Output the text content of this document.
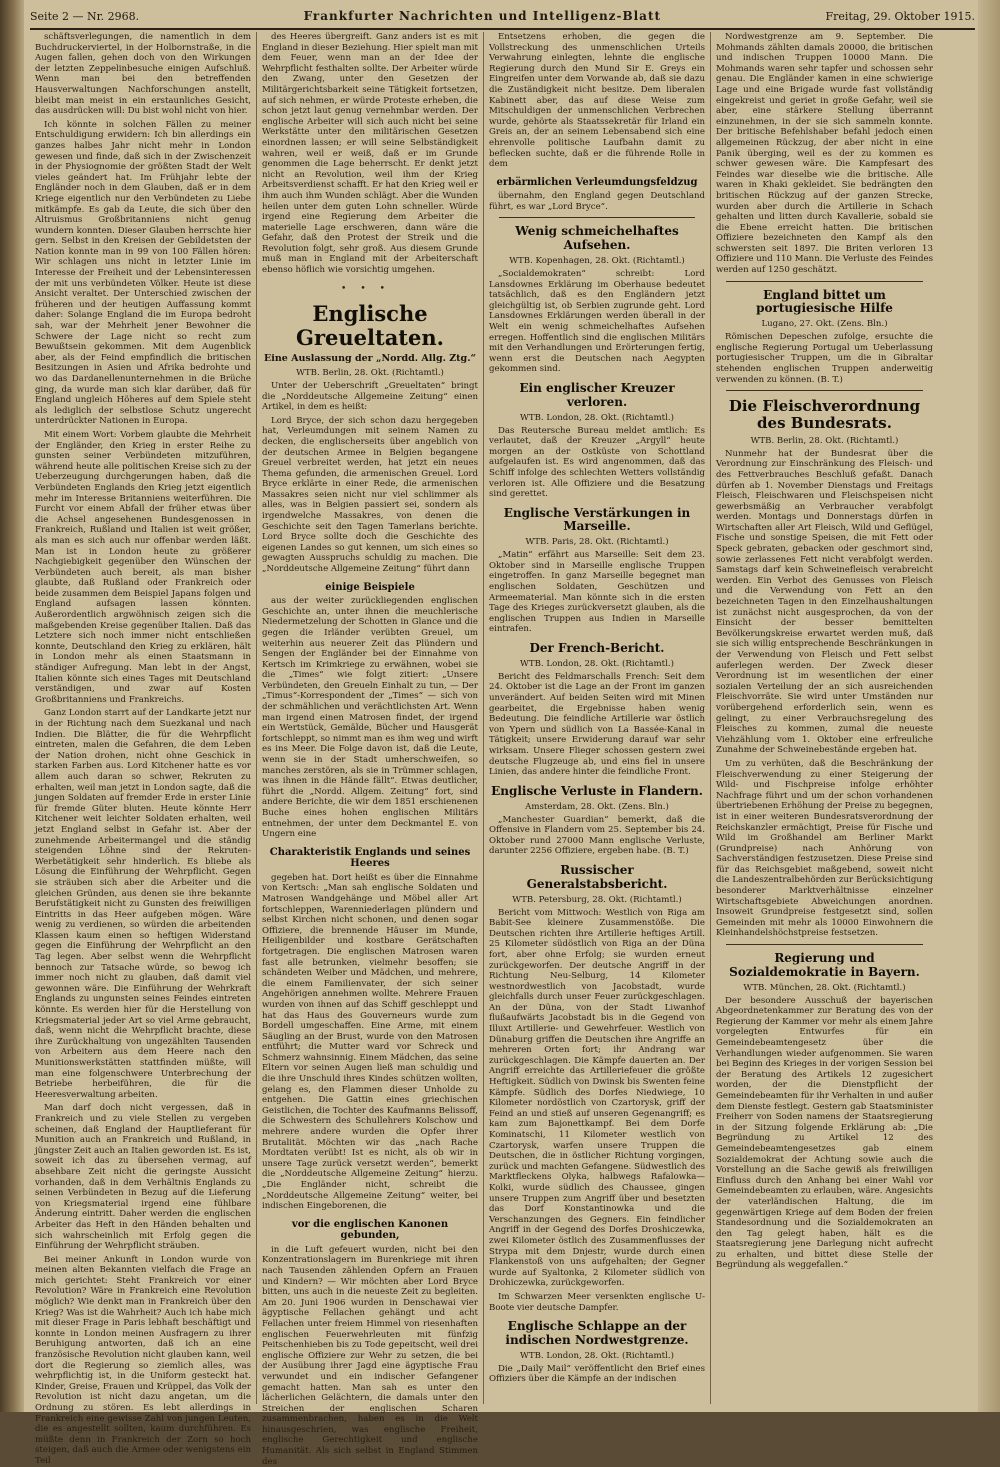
Seite 2 — Nr. 2968.	Frankfurter Nachrichten und Intelligenz-Blatt	Freitag, 29. Oktober 1915.

schäftsverlegungen, die namentlich in dem Buchdruckerviertel, in der Holbornstraße, in die Augen fallen, gehen doch von den Wirkungen der letzten Zeppelinbesuche einigen Aufschluß. Wenn man bei den betreffenden Hausverwaltungen Nachforschungen anstellt, bleibt man meist in ein erstaunliches Gesicht, das ausdrücken will: Du bist wohl nicht von hier.

Ich könnte in solchen Fällen zu meiner Entschuldigung erwidern: Ich bin allerdings ein ganzes halbes Jahr nicht mehr in London gewesen und finde, daß sich in der Zwischenzeit in der Physiognomie der größten Stadt der Welt vieles geändert hat. Im Frühjahr lebte der Engländer noch in dem Glauben, daß er in dem Kriege eigentlich nur den Verbündeten zu Liebe mitkämpfe. Es gab da Leute, die sich über den Altruismus Großbritanniens nicht genug wundern konnten. Dieser Glauben herrschte hier gern. Selbst in den Kreisen der Gebildetsten der Nation konnte man in 99 von 100 Fällen hören: Wir schlagen uns nicht in letzter Linie im Interesse der Freiheit und der Lebensinteressen der mit uns verbündeten Völker. Heute ist diese Ansicht veraltet. Der Unterschied zwischen der früheren und der heutigen Auffassung kommt daher: Solange England die im Europa bedroht sah, war der Mehrheit jener Bewohner die Schwere der Lage nicht so recht zum Bewußtsein gekommen. Mit dem Augenblick aber, als der Feind empfindlich die britischen Besitzungen in Asien und Afrika bedrohte und wo das Dardanellenunternehmen in die Brüche ging, da wurde man sich klar darüber, daß für England ungleich Höheres auf dem Spiele steht als lediglich der selbstlose Schutz ungerecht unterdrückter Nationen in Europa.

Mit einem Wort: Vorbem glaubte die Mehrheit der Engländer, den Krieg in erster Reihe zu gunsten seiner Verbündeten mitzuführen, während heute alle politischen Kreise sich zu der Ueberzeugung durchgerungen haben, daß die Verbündeten Englands den Krieg jetzt eigentlich mehr im Interesse Britanniens weiterführen. Die Furcht vor einem Abfall der früher etwas über die Achsel angesehenen Bundesgenossen in Frankreich, Rußland und Italien ist weit größer, als man es sich auch nur offenbar werden läßt. Man ist in London heute zu größerer Nachgiebigkeit gegenüber den Wünschen der Verbündeten auch bereit, als man bisher glaubte, daß Rußland oder Frankreich oder beide zusammen dem Beispiel Japans folgen und England aufsagen lassen könnten. Außerordentlich argwöhnisch zeigen sich die maßgebenden Kreise gegenüber Italien. Daß das Letztere sich noch immer nicht entschließen konnte, Deutschland den Krieg zu erklären, hält in London mehr als einen Staatsmann in ständiger Aufregung. Man lebt in der Angst, Italien könnte sich eines Tages mit Deutschland verständigen, und zwar auf Kosten Großbritanniens und Frankreichs.

Ganz London starrt auf der Landkarte jetzt nur in der Richtung nach dem Suezkanal und nach Indien. Die Blätter, die für die Wehrpflicht eintreten, malen die Gefahren, die dem Leben der Nation drohen, nicht ohne Geschick in starken Farben aus. Lord Kitchener hatte es vor allem auch daran so schwer, Rekruten zu erhalten, weil man jetzt in London sagte, daß die jungen Soldaten auf fremder Erde in erster Linie für fremde Güter bluten. Heute könnte Herr Kitchener weit leichter Soldaten erhalten, weil jetzt England selbst in Gefahr ist. Aber der zunehmende Arbeitermangel und die ständig steigenden Löhne sind der Rekruten-Werbetätigkeit sehr hinderlich. Es bliebe als Lösung die Einführung der Wehrpflicht. Gegen sie sträuben sich aber die Arbeiter und die gleichen Gründen, aus denen sie ihre bekannte Berufstätigkeit nicht zu Gunsten des freiwilligen Eintritts in das Heer aufgeben mögen. Wäre wenig zu verdienen, so würden die arbeitenden Klassen kaum einen so heftigen Widerstand gegen die Einführung der Wehrpflicht an den Tag legen. Aber selbst wenn die Wehrpflicht bennoch zur Tatsache würde, so bewog ich immer noch nicht zu glauben, daß damit viel gewonnen wäre. Die Einführung der Wehrkraft Englands zu ungunsten seines Feindes eintreten könnte. Es werden hier für die Herstellung von Kriegsmaterial jeder Art so viel Arme gebraucht, daß, wenn nicht die Wehrpflicht brachte, diese ihre Zurückhaltung von ungezählten Tausenden von Arbeitern aus dem Heere nach den Munitionswerkstätten stattfinden müßte, will man eine folgenschwere Unterbrechung der Betriebe herbeiführen, die für die Heeresverwaltung arbeiten.

Man darf doch nicht vergessen, daß in Frankreich und zu viele Stellen zu vergeben scheinen, daß England der Hauptlieferant für Munition auch an Frankreich und Rußland, in jüngster Zeit auch an Italien geworden ist. Es ist, soweit ich das zu übersehen vermag, auf absehbare Zeit nicht die geringste Aussicht vorhanden, daß in dem Verhältnis Englands zu seinen Verbündeten in Bezug auf die Lieferung von Kriegsmaterial irgend eine fühlbare Änderung eintritt. Daher werden die englischen Arbeiter das Heft in den Händen behalten und sich wahrscheinlich mit Erfolg gegen die Einführung der Wehrpflicht sträuben.

Bei meiner Ankunft in London wurde von meinen alten Bekannten vielfach die Frage an mich gerichtet: Steht Frankreich vor einer Revolution? Wäre in Frankreich eine Revolution möglich? Wie denkt man in Frankreich über den Krieg? Was ist die Wahrheit? Auch ich habe mich mit dieser Frage in Paris lebhaft beschäftigt und konnte in London meinen Ausfragern zu ihrer Beruhigung antworten, daß ich an eine französische Revolution nicht glauben kann, weil dort die Regierung so ziemlich alles, was wehrpflichtig ist, in die Uniform gesteckt hat. Kinder, Greise, Frauen und Krüppel, das Volk der Revolution ist nicht dazu angetan, um die Ordnung zu stören. Es lebt allerdings in Frankreich eine gewisse Zahl von jungen Leuten, die es angestellt sollten, kaum durchführen. Es müßte denn in Frankreich der Zorn so hoch steigen, daß auch die Armee oder wenigstens ein Teil

des Heeres übergreift. Ganz anders ist es mit England in dieser Beziehung. Hier spielt man mit dem Feuer, wenn man an der Idee der Wehrpflicht festhalten sollte. Der Arbeiter würde den Zwang, unter den Gesetzen der Militärgerichtsbarkeit seine Tätigkeit fortsetzen, auf sich nehmen, er würde Proteste erheben, die schon jetzt laut genug vernehmbar werden. Der englische Arbeiter will sich auch nicht bei seine Werkstätte unter den militärischen Gesetzen einordnen lassen; er will seine Selbständigkeit wahren, weil er weiß, daß er im Grunde genommen die Lage beherrscht. Er denkt jetzt nicht an Revolution, weil ihm der Krieg Arbeitsverdienst schafft. Er hat den Krieg weil er ihm auch ihm Wunden schlägt. Aber die Wunden heilen unter dem guten Lohn schneller. Würde irgend eine Regierung dem Arbeiter die materielle Lage erschweren, dann wäre die Gefahr, daß den Protest der Streik und die Revolution folgt, sehr groß. Aus diesem Grunde muß man in England mit der Arbeiterschaft ebenso höflich wie vorsichtig umgehen.

•••
Englische Greueltaten.
Eine Auslassung der „Nordd. Allg. Ztg.“
WTB. Berlin, 28. Okt. (Richtamtl.)

Unter der Ueberschrift „Greueltaten“ bringt die „Norddeutsche Allgemeine Zeitung“ einen Artikel, in dem es heißt:

Lord Bryce, der sich schon dazu hergegeben hat, Verleumdungen mit seinem Namen zu decken, die englischerseits über angeblich von der deutschen Armee in Belgien begangene Greuel verbreitet werden, hat jetzt ein neues Thema gefunden, die armenischen Greuel. Lord Bryce erklärte in einer Rede, die armenischen Massakres seien nicht nur viel schlimmer als alles, was in Belgien passiert sei, sondern als irgendwelche Massakres, von denen die Geschichte seit den Tagen Tamerlans berichte. Lord Bryce sollte doch die Geschichte des eigenen Landes so gut kennen, um sich eines so gewagten Ausspruchs schuldig zu machen. Die „Norddeutsche Allgemeine Zeitung“ führt dann

einige Beispiele

aus der weiter zurückliegenden englischen Geschichte an, unter ihnen die meuchlerische Niedermetzelung der Schotten in Glance und die gegen die Irländer verübten Greuel, um weiterhin aus neuerer Zeit das Plündern und Sengen der Engländer bei der Einnahme von Kertsch im Krimkriege zu erwähnen, wobei sie die „Times“ wie folgt zitiert: „Unsere Verbündeten, den Greueln Einhalt zu tun, — Der „Timus“-Korrespondent der „Times“ — sich von der schmählichen und verächtlichsten Art. Wenn man irgend einen Matrosen findet, der irgend ein Wertstück, Gemälde, Bücher und Hausgerät fortschleppt, so nimmt man es ihm weg und wirft es ins Meer. Die Folge davon ist, daß die Leute, wenn sie in der Stadt umherschweifen, so manches zerstören, als sie in Trümmer schlagen, was ihnen in die Hände fällt“. Etwas deutlicher, führt die „Nordd. Allgem. Zeitung“ fort, sind andere Berichte, die wir dem 1851 erschienenen Buche eines hohen englischen Militärs entnehmen, der unter dem Deckmantel E. von Ungern eine

Charakteristik Englands und seines Heeres

gegeben hat. Dort heißt es über die Einnahme von Kertsch: „Man sah englische Soldaten und Matrosen Wandgehänge und Möbel aller Art fortschleppen, Warenniederlagen plündern und selbst Kirchen nicht schonen, und denen sogar Offiziere, die brennende Häuser im Munde, Heiligenbilder und kostbare Gerätschaften fortgetragen. Die englischen Matrosen waren fast alle betrunken, vielmehr besoffen; sie schändeten Weiber und Mädchen, und mehrere, die einem Familienvater, der sich seiner Angehörigen annehmen wollte. Mehrere Frauen wurden von ihnen auf das Schiff geschleppt und hat das Haus des Gouverneurs wurde zum Bordell umgeschaffen. Eine Arme, mit einem Säugling an der Brust, wurde von den Matrosen entführt; die Mutter ward vor Schreck und Schmerz wahnsinnig. Einem Mädchen, das seine Eltern vor seinen Augen ließ man schuldig und die ihre Unschuld ihres Kindes schützen wollten, gelang es, den Flammen dieser Unholde zu entgehen. Die Gattin eines griechischen Geistlichen, die Tochter des Kaufmanns Belissoff, die Schwestern des Schullehrers Kolschow und mehrere andere wurden die Opfer ihrer Brutalität. Möchten wir das „nach Rache Mordtaten verübt! Ist es nicht, als ob wir in unsere Tage zurück versetzt werden“, bemerkt die „Norddeutsche Allgemeine Zeitung“ hierzu. „Die Engländer nicht, schreibt die „Norddeutsche Allgemeine Zeitung“ weiter, bei indischen Eingeborenen, die

vor die englischen Kanonen gebunden,

in die Luft gefeuert wurden, nicht bei den Konzentrationslagern im Burenkriege mit ihren nach Tausenden zählenden Opfern an Frauen und Kindern? — Wir möchten aber Lord Bryce bitten, uns auch in die neueste Zeit zu begleiten. Am 20. Juni 1906 wurden in Denschawai vier ägyptische Fellachen gehängt und acht Fellachen unter freiem Himmel von riesenhaften englischen Feuerwehrleuten mit fünfzig Peitschenhieben bis zu Tode gepeitscht, weil drei englische Offiziere zur Wehr zu setzen, die bei der Ausübung ihrer Jagd eine ägyptische Frau verwundet und ein indischer Gefangener gemacht hatten. Man sah es unter den lächerlichen Gelächtern, die damals unter den Streichen der englischen Scharen zusammenbrachen, haben es in die Welt hinausgeschrien, was englische Freiheit, englische Gerechtigkeit und englische Humanität. Als sich selbst in England Stimmen des

Entsetzens erhoben, die gegen die Vollstreckung des unmenschlichen Urteils Verwahrung einlegten, lehnte die englische Regierung durch den Mund Sir E. Greys ein Eingreifen unter dem Vorwande ab, daß sie dazu die Zuständigkeit nicht besitze. Dem liberalen Kabinett aber, das auf diese Weise zum Mitschuldigen der unmenschlichen Verbrechen wurde, gehörte als Staatssekretär für Irland ein Greis an, der an seinem Lebensabend sich eine ehrenvolle politische Laufbahn damit zu beflecken suchte, daß er die führende Rolle in dem

erbärmlichen Verleumdungsfeldzug

übernahm, den England gegen Deutschland führt, es war „Lord Bryce“.

Wenig schmeichelhaftes Aufsehen.
WTB. Kopenhagen, 28. Okt. (Richtamtl.)

„Socialdemokraten“ schreibt: Lord Lansdownes Erklärung im Oberhause bedeutet tatsächlich, daß es den Engländern jetzt gleichgültig ist, ob Serbien zugrunde geht. Lord Lansdownes Erklärungen werden überall in der Welt ein wenig schmeichelhaftes Aufsehen erregen. Hoffentlich sind die englischen Militärs mit den Verhandlungen und Erörterungen fertig, wenn erst die Deutschen nach Aegypten gekommen sind.

Ein englischer Kreuzer verloren.
WTB. London, 28. Okt. (Richtamtl.)

Das Reutersche Bureau meldet amtlich: Es verlautet, daß der Kreuzer „Argyll“ heute morgen an der Ostküste von Schottland aufgelaufen ist. Es wird angenommen, daß das Schiff infolge des schlechten Wetters vollständig verloren ist. Alle Offiziere und die Besatzung sind gerettet.

Englische Verstärkungen in Marseille.
WTB. Paris, 28. Okt. (Richtamtl.)

„Matin“ erfährt aus Marseille: Seit dem 23. Oktober sind in Marseille englische Truppen eingetroffen. In ganz Marseille begegnet man englischen Soldaten, Geschützen und Armeematerial. Man könnte sich in die ersten Tage des Krieges zurückversetzt glauben, als die englischen Truppen aus Indien in Marseille eintrafen.

Der French-Bericht.
WTB. London, 28. Okt. (Richtamtl.)

Bericht des Feldmarschalls French: Seit dem 24. Oktober ist die Lage an der Front im ganzen unverändert. Auf beiden Seiten wird mit Minen gearbeitet, die Ergebnisse haben wenig Bedeutung. Die feindliche Artillerie war östlich von Ypern und südlich von La Bassée-Kanal in Tätigkeit; unsere Erwiderung darauf war sehr wirksam. Unsere Flieger schossen gestern zwei deutsche Flugzeuge ab, und eins fiel in unsere Linien, das andere hinter die feindliche Front.

Englische Verluste in Flandern.
Amsterdam, 28. Okt. (Zens. Bln.)

„Manchester Guardian“ bemerkt, daß die Offensive in Flandern vom 25. September bis 24. Oktober rund 27000 Mann englische Verluste, darunter 2256 Offiziere, ergeben habe. (B. T.)

Russischer Generalstabsbericht.
WTB. Petersburg, 28. Okt. (Richtamtl.)

Bericht vom Mittwoch: Westlich von Riga am Babit-See kleinere Zusammenstöße. Die Deutschen richten ihre Artillerie heftiges Artill. 25 Kilometer südöstlich von Riga an der Düna fort, aber ohne Erfolg; sie wurden erneut zurückgeworfen. Der deutsche Angriff in der Richtung Neu-Selburg, 14 Kilometer westnordwestlich von Jacobstadt, wurde gleichfalls durch unser Feuer zurückgeschlagen. An der Düna, von der Stadt Liwanhof flußaufwärts Jacobstadt bis in die Gegend von Illuxt Artillerie- und Gewehrfeuer. Westlich von Dünaburg griffen die Deutschen ihre Angriffe an mehreren Orten fort; ihr Andrang war zurückgeschlagen. Die Kämpfe dauerten an. Der Angriff erreichte das Artilleriefeuer die größte Heftigkeit. Südlich von Dwinsk bis Swenten feine Kämpfe. Südlich des Dorfes Niedwiege, 10 Kilometer nordöstlich von Czartorysk, griff der Feind an und stieß auf unseren Gegenangriff; es kam zum Bajonettkampf. Bei dem Dorfe Kominatschi, 11 Kilometer westlich von Czartorysk, warfen unsere Truppen die Deutschen, die in östlicher Richtung vorgingen, zurück und machten Gefangene. Südwestlich des Marktfleckens Olyka, halbwegs Rafalowka—Kolki, wurde südlich des Chaussee, gingen unsere Truppen zum Angriff über und besetzten das Dorf Konstantinowka und die Verschanzungen des Gegners. Ein feindlicher Angriff in der Gegend des Dorfes Droshiczewka, zwei Kilometer östlich des Zusammenflusses der Strypa mit dem Dnjestr, wurde durch einen Flankenstoß von uns aufgehalten; der Gegner wurde auf Syaltonka, 2 Kilometer südlich von Drohiczewka, zurückgeworfen.

Im Schwarzen Meer versenkten englische U-Boote vier deutsche Dampfer.

Englische Schlappe an der indischen Nordwestgrenze.
WTB. London, 28. Okt. (Richtamtl.)

Die „Daily Mail“ veröffentlicht den Brief eines Offiziers über die Kämpfe an der indischen

Nordwestgrenze am 9. September. Die Mohmands zählten damals 20000, die britischen und indischen Truppen 10000 Mann. Die Mohmands waren sehr tapfer und schossen sehr genau. Die Engländer kamen in eine schwierige Lage und eine Brigade wurde fast vollständig eingekreist und geriet in große Gefahr, weil sie aber, eine stärkere Stellung überrannt einzunehmen, in der sie sich sammeln konnte. Der britische Befehlshaber befahl jedoch einen allgemeinen Rückzug, der aber nicht in eine Panik überging, weil es der zu kommen es schwer gewesen wäre. Die Kampfesart des Feindes war dieselbe wie die britische. Alle waren in Khaki gekleidet. Sie bedrängten den britischen Rückzug auf der ganzen Strecke, wurden aber durch die Artillerie in Schach gehalten und litten durch Kavallerie, sobald sie die Ebene erreicht hatten. Die britischen Offiziere bezeichneten den Kampf als den schwersten seit 1897. Die Briten verloren 13 Offiziere und 110 Mann. Die Verluste des Feindes werden auf 1250 geschätzt.

England bittet um portugiesische Hilfe
Lugano, 27. Okt. (Zens. Bln.)

Römischen Depeschen zufolge, ersuchte die englische Regierung Portugal um Ueberlassung portugiesischer Truppen, um die in Gibraltar stehenden englischen Truppen anderweitig verwenden zu können. (B. T.)

Die Fleischverordnung des Bundesrats.
WTB. Berlin, 28. Okt. (Richtamtl.)

Nunmehr hat der Bundesrat über die Verordnung zur Einschränkung des Fleisch- und des Fettverbrauches Beschluß gefaßt. Danach dürfen ab 1. November Dienstags und Freitags Fleisch, Fleischwaren und Fleischspeisen nicht gewerbsmäßig an Verbraucher verabfolgt werden. Montags und Donnerstags dürfen in Wirtschaften aller Art Fleisch, Wild und Geflügel, Fische und sonstige Speisen, die mit Fett oder Speck gebraten, gebacken oder geschmort sind, sowie zerlassenes Fett nicht verabfolgt werden. Samstags darf kein Schweinefleisch verabreicht werden. Ein Verbot des Genusses von Fleisch und die Verwendung von Fett an den bezeichneten Tagen in den Einzelhaushaltungen ist zunächst nicht ausgesprochen, da von der Einsicht der besser bemittelten Bevölkerungskreise erwartet werden muß, daß sie sich willig entsprechende Beschränkungen in der Verwendung von Fleisch und Fett selbst auferlegen werden. Der Zweck dieser Verordnung ist im wesentlichen der einer sozialen Verteilung der an sich ausreichenden Fleischvorräte. Sie wird unter Umständen nur vorübergehend erforderlich sein, wenn es gelingt, zu einer Verbrauchsregelung des Fleisches zu kommen, zumal die neueste Viehzählung vom 1. Oktober eine erfreuliche Zunahme der Schweinebestände ergeben hat.

Um zu verhüten, daß die Beschränkung der Fleischverwendung zu einer Steigerung der Wild- und Fischpreise infolge erhöhter Nachfrage führt und um der schon vorhandenen übertriebenen Erhöhung der Preise zu begegnen, ist in einer weiteren Bundesratsverordnung der Reichskanzler ermächtigt, Preise für Fische und Wild im Großhandel am Berliner Markt (Grundpreise) nach Anhörung von Sachverständigen festzusetzen. Diese Preise sind für das Reichsgebiet maßgebend, soweit nicht die Landeszentralbehörden zur Berücksichtigung besonderer Marktverhältnisse einzelner Wirtschaftsgebiete Abweichungen anordnen. Insoweit Grundpreise festgesetzt sind, sollen Gemeinden mit mehr als 10000 Einwohnern die Kleinhandelshöchstpreise festsetzen.

Regierung und Sozialdemokratie in Bayern.
WTB. München, 28. Okt. (Richtamtl.)

Der besondere Ausschuß der bayerischen Abgeordnetenkammer zur Beratung des von der Regierung der Kammer vor mehr als einem Jahre vorgelegten Entwurfes für ein Gemeindebeamtengesetz über die Verhandlungen wieder aufgenommen. Sie waren bei Beginn des Krieges in der vorigen Session bei der Beratung des Artikels 12 zugesichert worden, der die Dienstpflicht der Gemeindebeamten für ihr Verhalten in und außer dem Dienste festlegt. Gestern gab Staatsminister Freiherr von Soden namens der Staatsregierung in der Sitzung folgende Erklärung ab: „Die Begründung zu Artikel 12 des Gemeindebeamtengesetzes gab einem Sozialdemokrat der Achtung sowie auch die Vorstellung an die Sache gewiß als freiwilligen Einfluss durch den Anhang bei einer Wahl vor Gemeindebeamten zu erlauben, wäre. Angesichts der vaterländischen Haltung, die im gegenwärtigen Kriege auf dem Boden der freien Standesordnung und die Sozialdemokraten an den Tag gelegt haben, hält es die Staatsregierung jene Darlegung nicht aufrecht zu erhalten, und bittet diese Stelle der Begründung als weggefallen.“
